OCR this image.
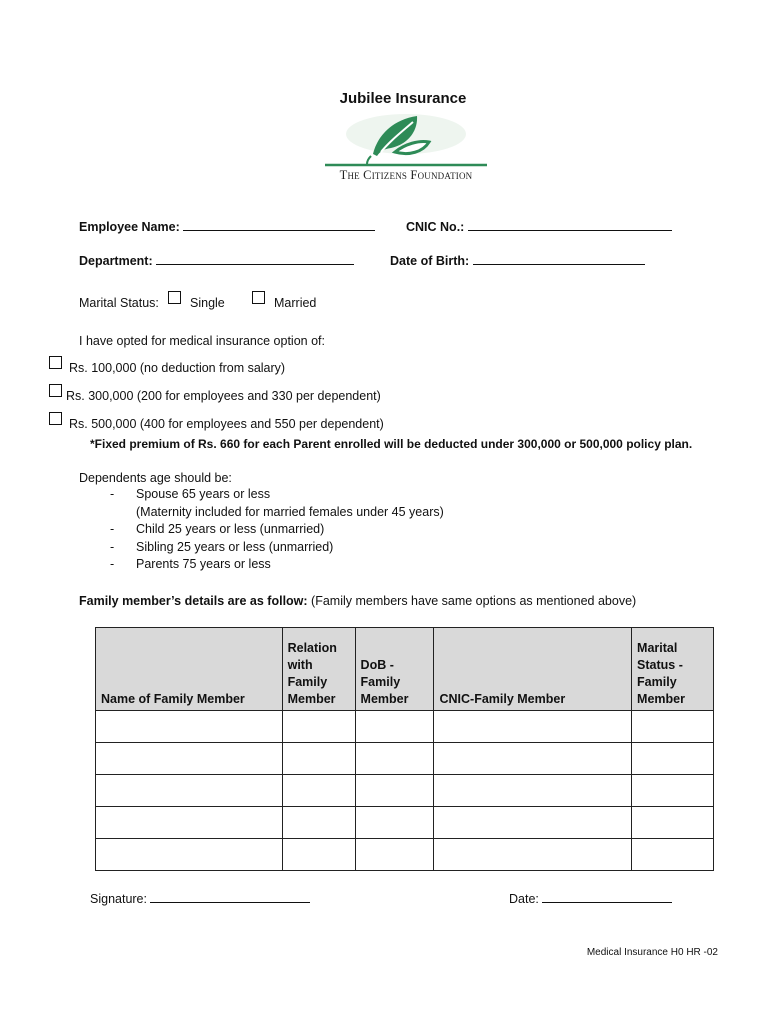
Jubilee Insurance
The Citizens Foundation
Employee Name:	CNIC No.:
Department:	Date of Birth:
Marital Status: Single	Married
I have opted for medical insurance option of:
Rs. 100,000 (no deduction from salary)
Rs. 300,000 (200 for employees and 330 per dependent)
Rs. 500,000 (400 for employees and 550 per dependent)
*Fixed premium of Rs. 660 for each Parent enrolled will be deducted under 300,000 or 500,000 policy plan.
Dependents age should be:
- Spouse 65 years or less
(Maternity included for married females under 45 years)
- Child 25 years or less (unmarried)
- Sibling 25 years or less (unmarried)
- Parents 75 years or less
Family member’s details are as follow: (Family members have same options as mentioned above)
Name of Family Member	Relation with Family Member	DoB - Family Member	CNIC-Family Member	Marital Status - Family Member

Signature:	Date:
Medical Insurance H0 HR -02
